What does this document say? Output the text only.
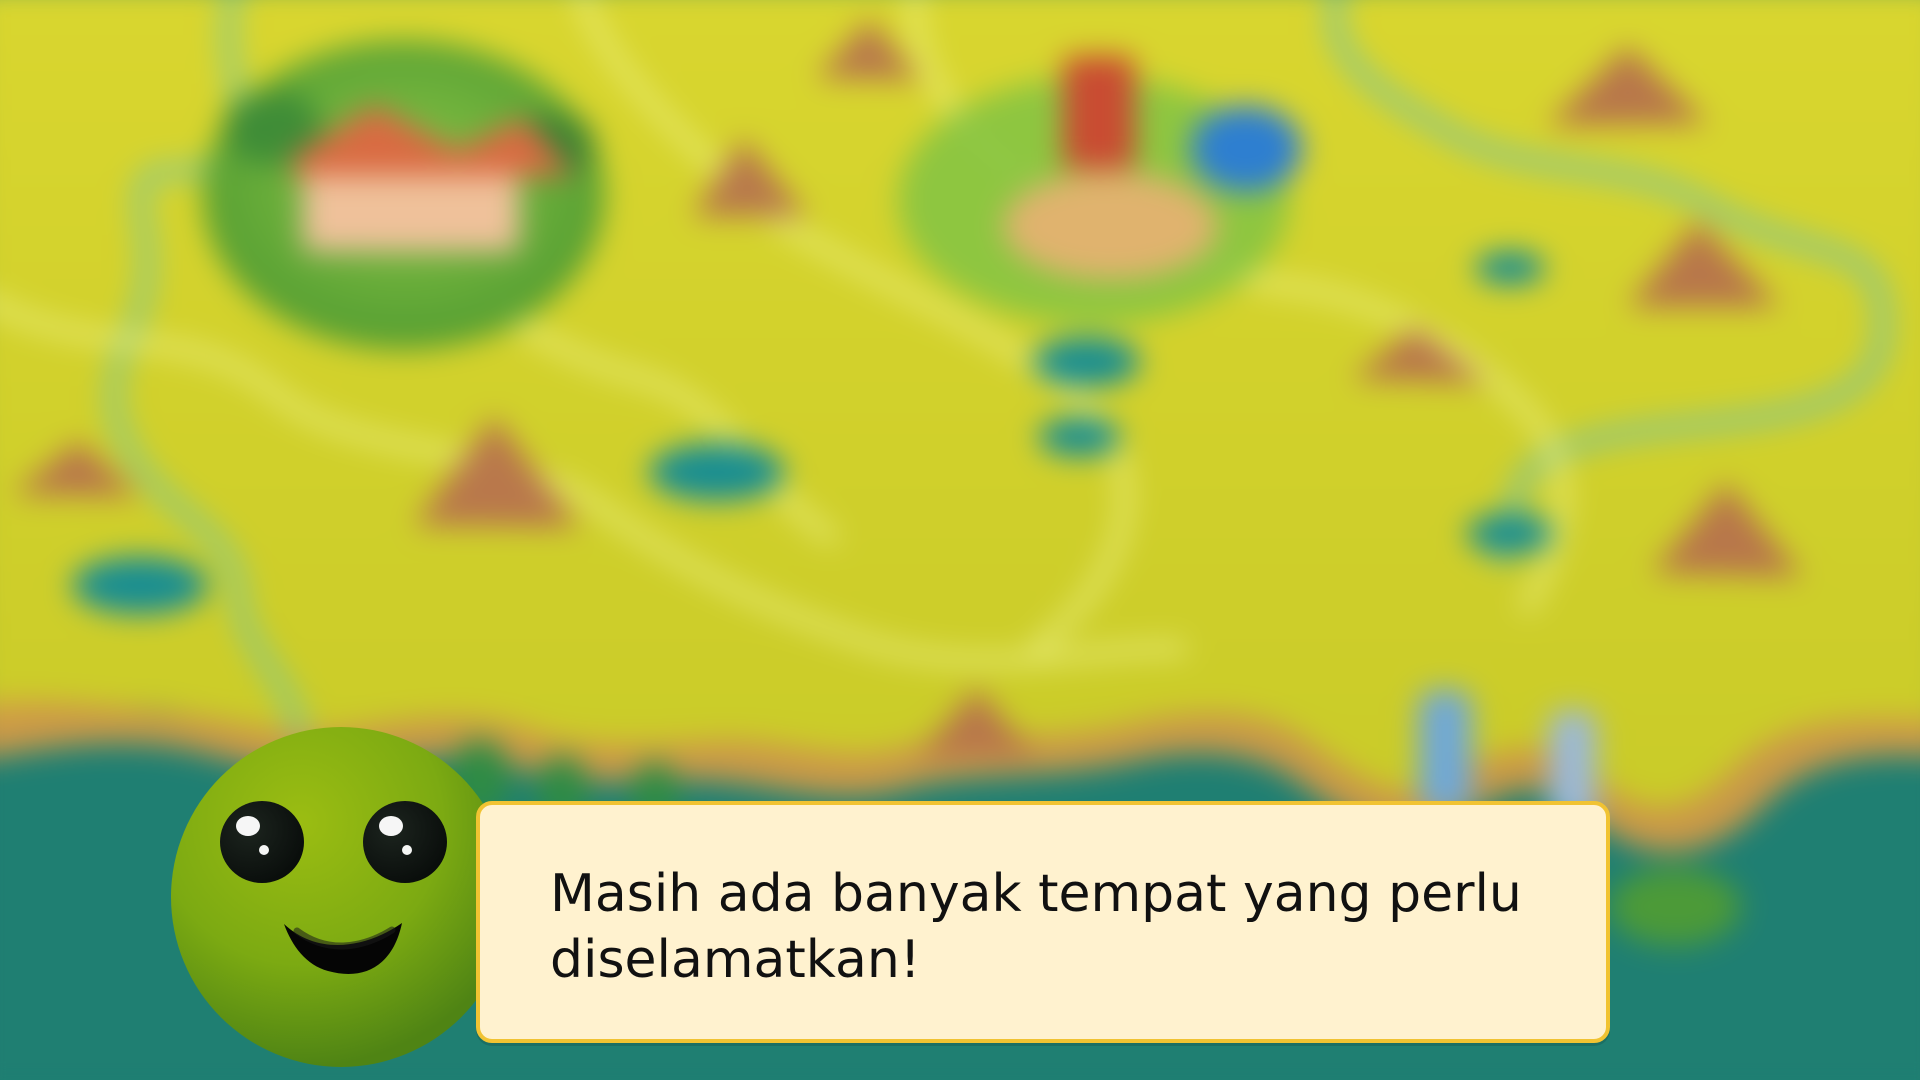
Masih ada banyak tempat yang perlu diselamatkan!
